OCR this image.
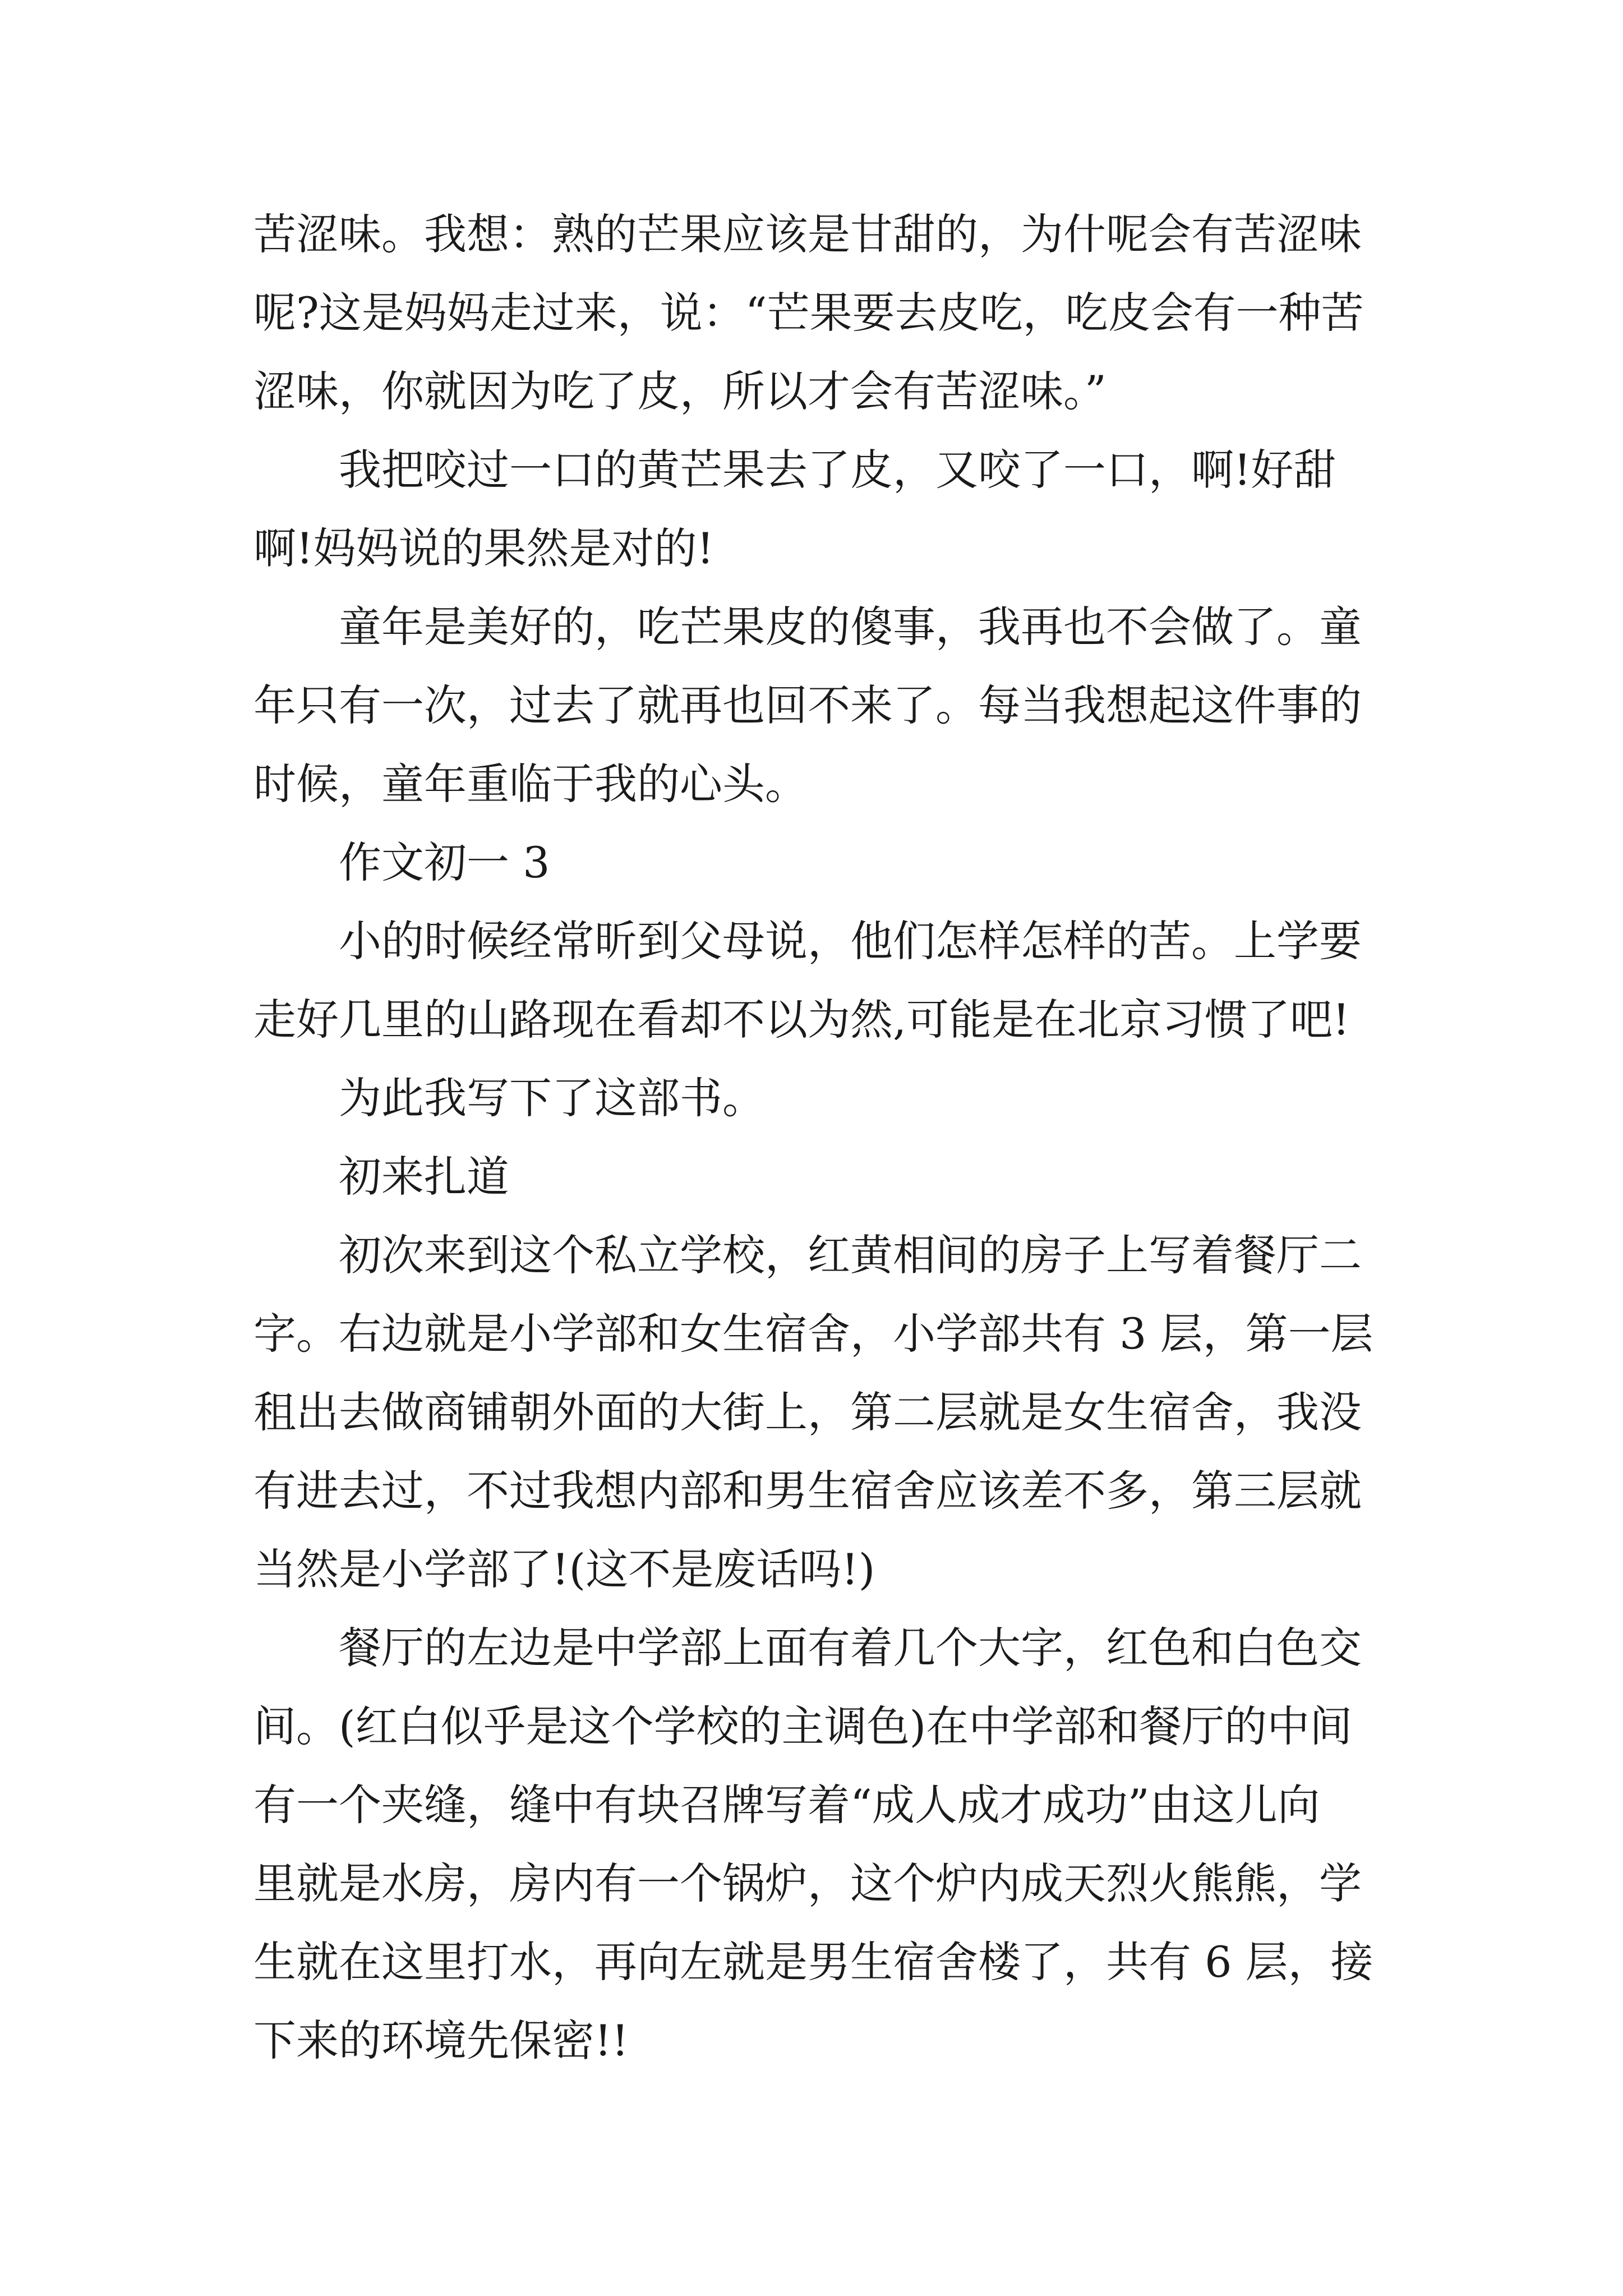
苦涩味。我想：熟的芒果应该是甘甜的，为什呢会有苦涩味
呢?这是妈妈走过来，说：“芒果要去皮吃，吃皮会有一种苦
涩味，你就因为吃了皮，所以才会有苦涩味。”
我把咬过一口的黄芒果去了皮，又咬了一口，啊!好甜
啊!妈妈说的果然是对的!
童年是美好的，吃芒果皮的傻事，我再也不会做了。童
年只有一次，过去了就再也回不来了。每当我想起这件事的
时候，童年重临于我的心头。
作文初一 3
小的时候经常昕到父母说，他们怎样怎样的苦。上学要
走好几里的山路现在看却不以为然,可能是在北京习惯了吧!
为此我写下了这部书。
初来扎道
初次来到这个私立学校，红黄相间的房子上写着餐厅二
字。右边就是小学部和女生宿舍，小学部共有 3 层，第一层
租出去做商铺朝外面的大街上，第二层就是女生宿舍，我没
有进去过，不过我想内部和男生宿舍应该差不多，第三层就
当然是小学部了!(这不是废话吗!)
餐厅的左边是中学部上面有着几个大字，红色和白色交
间。(红白似乎是这个学校的主调色)在中学部和餐厅的中间
有一个夹缝，缝中有块召牌写着“成人成才成功”由这儿向
里就是水房，房内有一个锅炉，这个炉内成天烈火熊熊，学
生就在这里打水，再向左就是男生宿舍楼了，共有 6 层，接
下来的环境先保密!!
